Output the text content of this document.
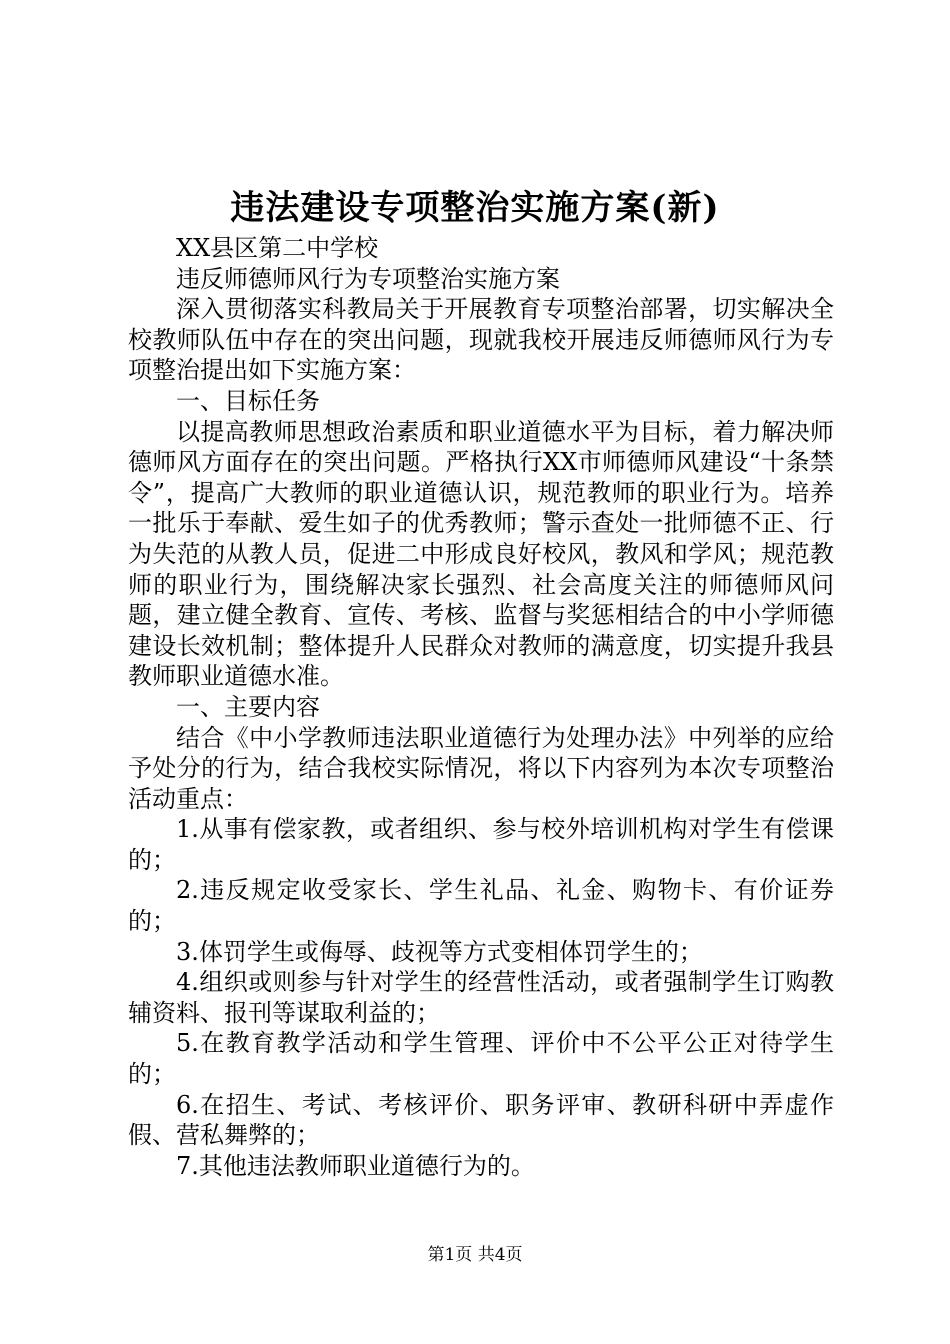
违法建设专项整治实施方案(新)

XX县区第二中学校

违反师德师风行为专项整治实施方案

深入贯彻落实科教局关于开展教育专项整治部署，切实解决全校教师队伍中存在的突出问题，现就我校开展违反师德师风行为专项整治提出如下实施方案：

一、目标任务

以提高教师思想政治素质和职业道德水平为目标，着力解决师德师风方面存在的突出问题。严格执行XX市师德师风建设“十条禁令”，提高广大教师的职业道德认识，规范教师的职业行为。培养一批乐于奉献、爱生如子的优秀教师；警示查处一批师德不正、行为失范的从教人员，促进二中形成良好校风，教风和学风；规范教师的职业行为，围绕解决家长强烈、社会高度关注的师德师风问题，建立健全教育、宣传、考核、监督与奖惩相结合的中小学师德建设长效机制；整体提升人民群众对教师的满意度，切实提升我县教师职业道德水准。

一、主要内容

结合《中小学教师违法职业道德行为处理办法》中列举的应给予处分的行为，结合我校实际情况，将以下内容列为本次专项整治活动重点：

1.从事有偿家教，或者组织、参与校外培训机构对学生有偿课的；

2.违反规定收受家长、学生礼品、礼金、购物卡、有价证券的；

3.体罚学生或侮辱、歧视等方式变相体罚学生的；

4.组织或则参与针对学生的经营性活动，或者强制学生订购教辅资料、报刊等谋取利益的；

5.在教育教学活动和学生管理、评价中不公平公正对待学生的；

6.在招生、考试、考核评价、职务评审、教研科研中弄虚作假、营私舞弊的；

7.其他违法教师职业道德行为的。

第1页 共4页
